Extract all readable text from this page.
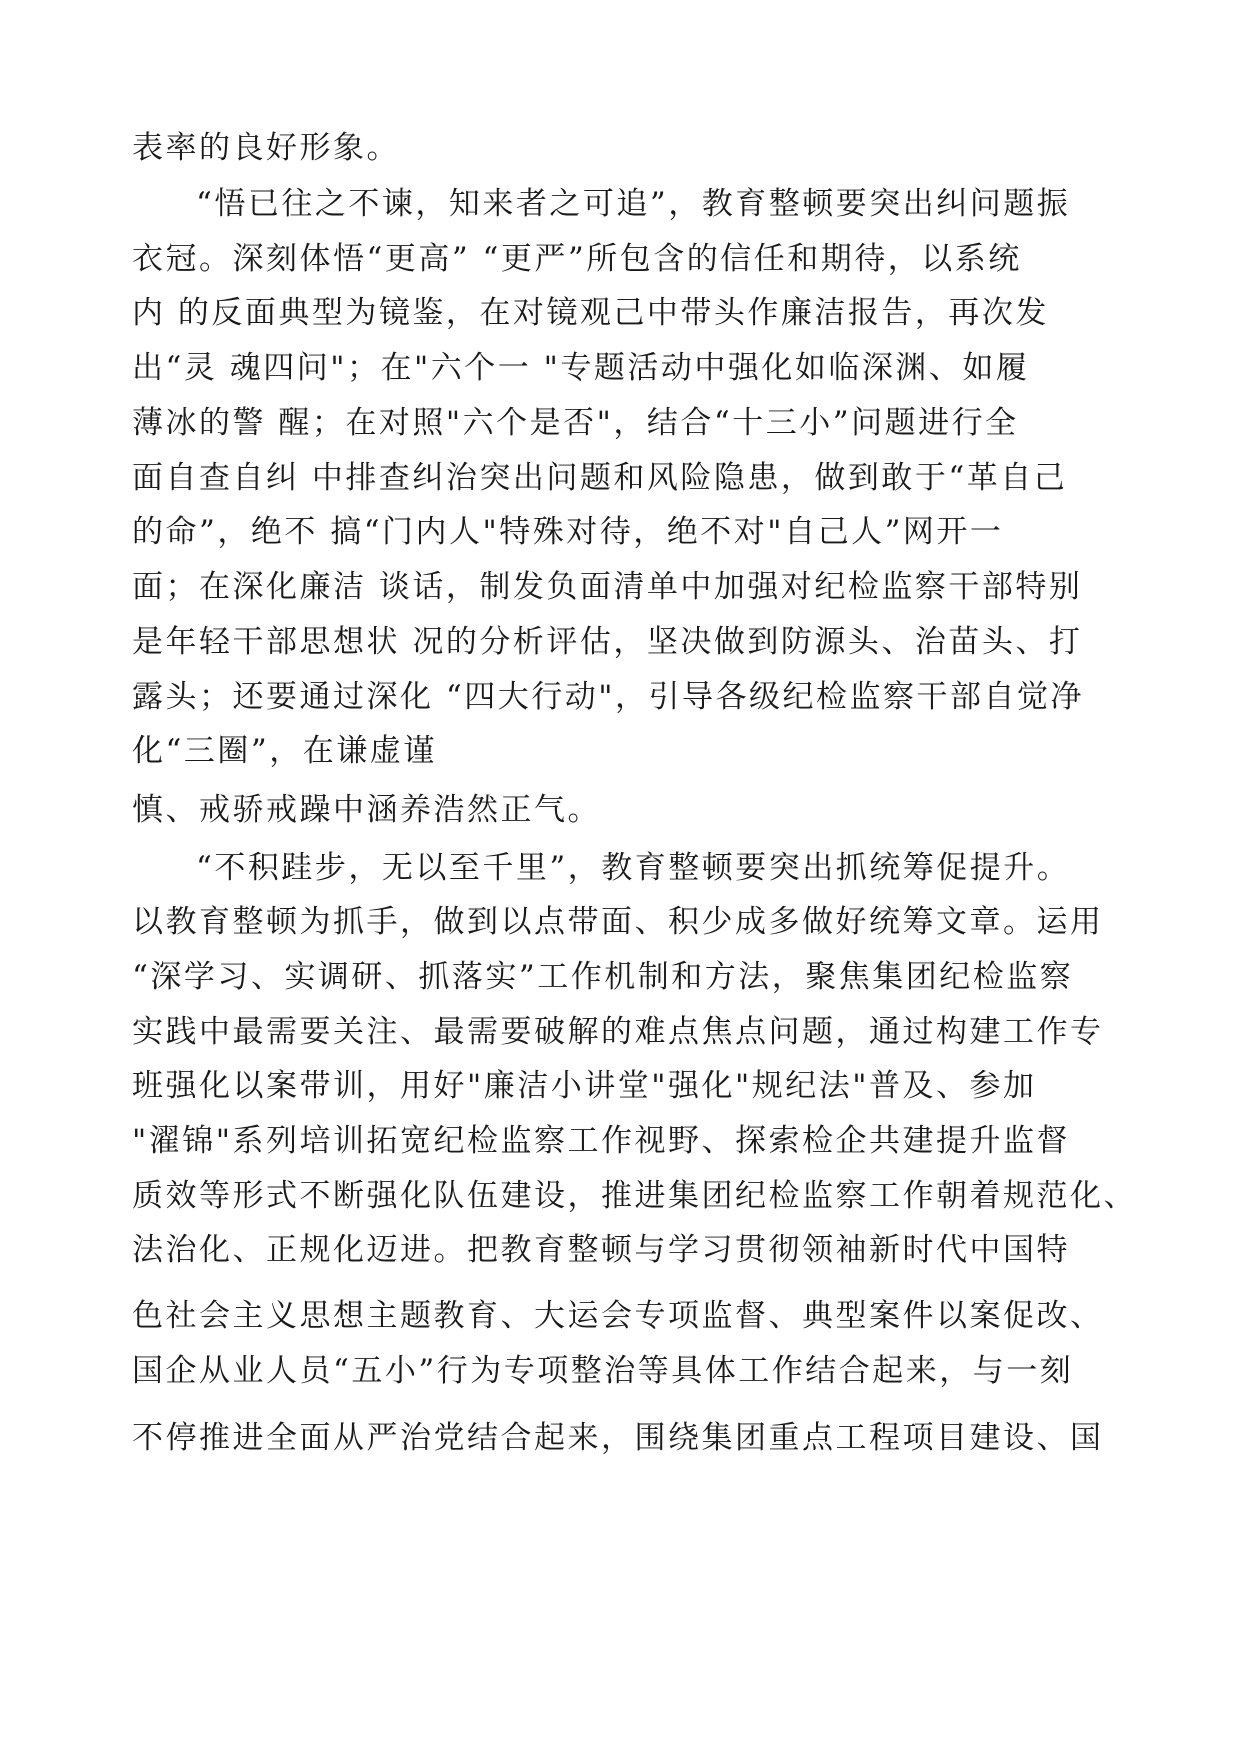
表率的良好形象。
“悟已往之不谏，知来者之可追”，教育整顿要突出纠问题振
衣冠。深刻体悟“更高” “更严”所包含的信任和期待，以系统
内 的反面典型为镜鉴，在对镜观己中带头作廉洁报告，再次发
出“灵 魂四问"；在"六个一 "专题活动中强化如临深渊、如履
薄冰的警 醒；在对照"六个是否"，结合“十三小”问题进行全
面自查自纠 中排查纠治突出问题和风险隐患，做到敢于“革自己
的命”，绝不 搞“门内人"特殊对待，绝不对"自己人”网开一
面；在深化廉洁 谈话，制发负面清单中加强对纪检监察干部特别
是年轻干部思想状 况的分析评估，坚决做到防源头、治苗头、打
露头；还要通过深化 “四大行动"，引导各级纪检监察干部自觉净
化“三圈”，在谦虚谨
慎、戒骄戒躁中涵养浩然正气。
“不积跬步，无以至千里”，教育整顿要突出抓统筹促提升。
以教育整顿为抓手，做到以点带面、积少成多做好统筹文章。运用
“深学习、实调研、抓落实”工作机制和方法，聚焦集团纪检监察
实践中最需要关注、最需要破解的难点焦点问题，通过构建工作专
班强化以案带训，用好"廉洁小讲堂"强化"规纪法"普及、参加
"濯锦"系列培训拓宽纪检监察工作视野、探索检企共建提升监督
质效等形式不断强化队伍建设，推进集团纪检监察工作朝着规范化、
法治化、正规化迈进。把教育整顿与学习贯彻领袖新时代中国特
色社会主义思想主题教育、大运会专项监督、典型案件以案促改、
国企从业人员“五小”行为专项整治等具体工作结合起来，与一刻
不停推进全面从严治党结合起来，围绕集团重点工程项目建设、国
